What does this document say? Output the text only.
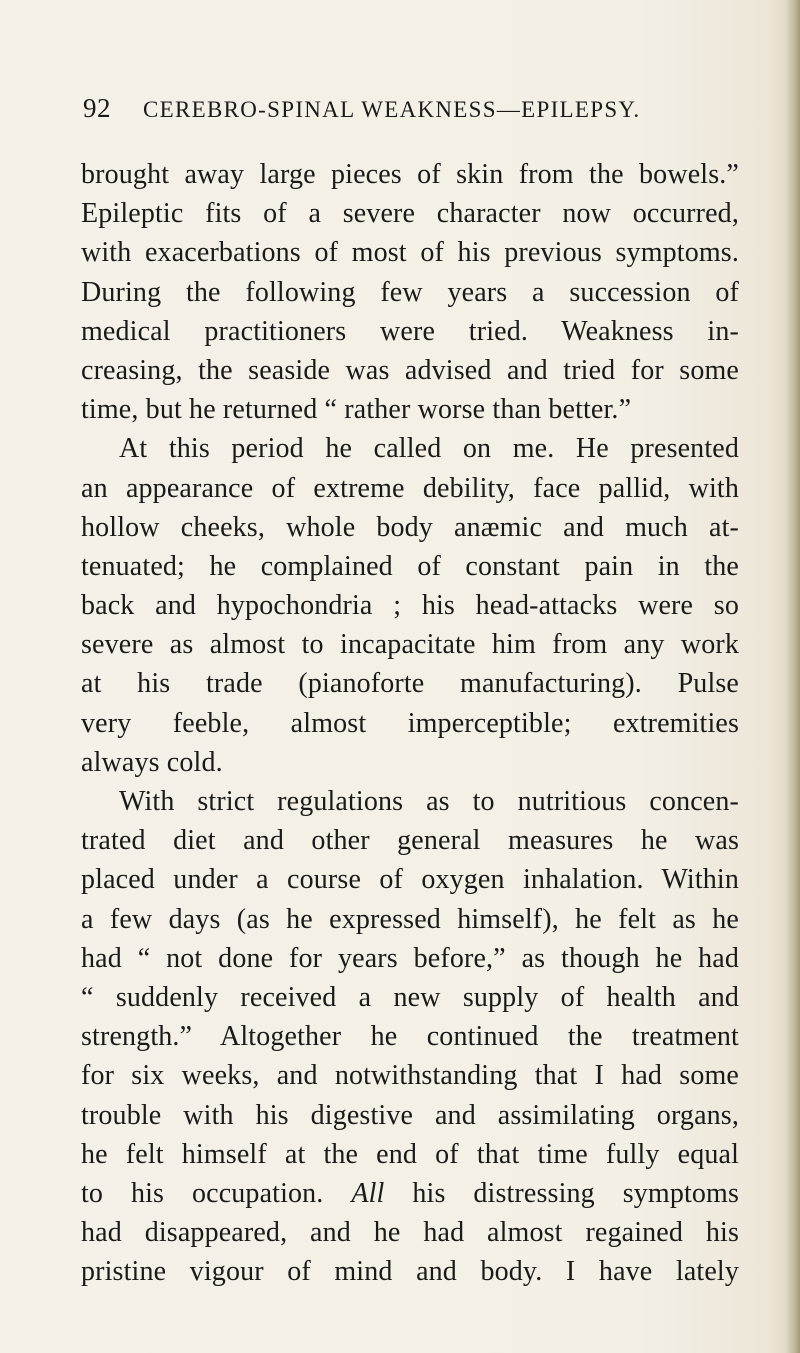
92 CEREBRO-SPINAL WEAKNESS—EPILEPSY.
brought away large pieces of skin from the bowels.”
Epileptic fits of a severe character now occurred,
with exacerbations of most of his previous symptoms.
During the following few years a succession of
medical practitioners were tried. Weakness in-
creasing, the seaside was advised and tried for some
time, but he returned “ rather worse than better.”
At this period he called on me. He presented
an appearance of extreme debility, face pallid, with
hollow cheeks, whole body anæmic and much at-
tenuated; he complained of constant pain in the
back and hypochondria ; his head-attacks were so
severe as almost to incapacitate him from any work
at his trade (pianoforte manufacturing). Pulse
very feeble, almost imperceptible; extremities
always cold.
With strict regulations as to nutritious concen-
trated diet and other general measures he was
placed under a course of oxygen inhalation. Within
a few days (as he expressed himself), he felt as he
had “ not done for years before,” as though he had
“ suddenly received a new supply of health and
strength.” Altogether he continued the treatment
for six weeks, and notwithstanding that I had some
trouble with his digestive and assimilating organs,
he felt himself at the end of that time fully equal
to his occupation. All his distressing symptoms
had disappeared, and he had almost regained his
pristine vigour of mind and body. I have lately
